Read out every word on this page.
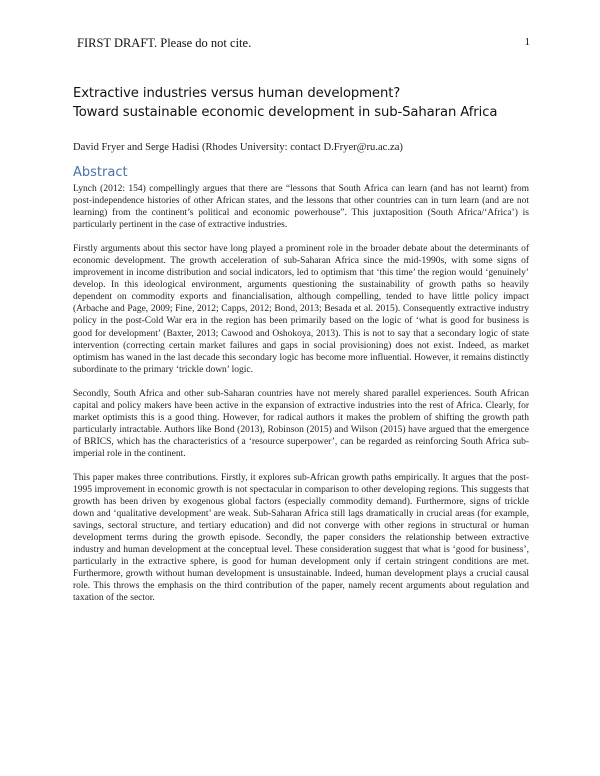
FIRST DRAFT. Please do not cite.	1
Extractive industries versus human development?
Toward sustainable economic development in sub-Saharan Africa
David Fryer and Serge Hadisi (Rhodes University: contact D.Fryer@ru.ac.za)
Abstract

Lynch (2012: 154) compellingly argues that there are “lessons that South Africa can learn (and has not learnt) from post-independence histories of other African states, and the lessons that other countries can in turn learn (and are not learning) from the continent’s political and economic powerhouse”. This juxtaposition (South Africa/‘Africa’) is particularly pertinent in the case of extractive industries.

Firstly arguments about this sector have long played a prominent role in the broader debate about the determinants of economic development. The growth acceleration of sub-Saharan Africa since the mid-1990s, with some signs of improvement in income distribution and social indicators, led to optimism that ‘this time’ the region would ‘genuinely’ develop. In this ideological environment, arguments questioning the sustainability of growth paths so heavily dependent on commodity exports and financialisation, although compelling, tended to have little policy impact (Arbache and Page, 2009; Fine, 2012; Capps, 2012; Bond, 2013; Besada et al. 2015). Consequently extractive industry policy in the post-Cold War era in the region has been primarily based on the logic of ‘what is good for business is good for development’ (Baxter, 2013; Cawood and Oshokoya, 2013). This is not to say that a secondary logic of state intervention (correcting certain market failures and gaps in social provisioning) does not exist. Indeed, as market optimism has waned in the last decade this secondary logic has become more influential. However, it remains distinctly subordinate to the primary ‘trickle down’ logic.

Secondly, South Africa and other sub-Saharan countries have not merely shared parallel experiences. South African capital and policy makers have been active in the expansion of extractive industries into the rest of Africa. Clearly, for market optimists this is a good thing. However, for radical authors it makes the problem of shifting the growth path particularly intractable. Authors like Bond (2013), Robinson (2015) and Wilson (2015) have argued that the emergence of BRICS, which has the characteristics of a ‘resource superpower’, can be regarded as reinforcing South Africa sub-imperial role in the continent.

This paper makes three contributions. Firstly, it explores sub-African growth paths empirically. It argues that the post-1995 improvement in economic growth is not spectacular in comparison to other developing regions. This suggests that growth has been driven by exogenous global factors (especially commodity demand). Furthermore, signs of trickle down and ‘qualitative development’ are weak. Sub-Saharan Africa still lags dramatically in crucial areas (for example, savings, sectoral structure, and tertiary education) and did not converge with other regions in structural or human development terms during the growth episode. Secondly, the paper considers the relationship between extractive industry and human development at the conceptual level. These consideration suggest that what is ‘good for business’, particularly in the extractive sphere, is good for human development only if certain stringent conditions are met. Furthermore, growth without human development is unsustainable. Indeed, human development plays a crucial causal role. This throws the emphasis on the third contribution of the paper, namely recent arguments about regulation and taxation of the sector.
